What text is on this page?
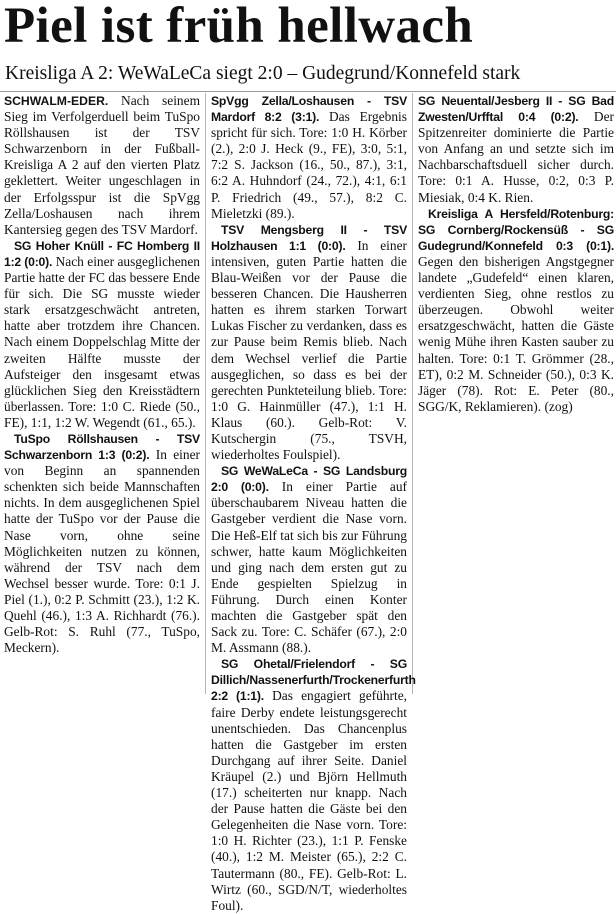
Piel ist früh hellwach
Kreisliga A 2: WeWaLeCa siegt 2:0 – Gudegrund/Konnefeld stark

SCHWALM-EDER. Nach seinem Sieg im Verfolgerduell beim TuSpo Röllshausen ist der TSV Schwarzenborn in der Fußball-Kreisliga A 2 auf den vierten Platz geklettert. Weiter ungeschlagen in der Erfolgsspur ist die SpVgg Zella/Loshausen nach ihrem Kantersieg gegen des TSV Mardorf.

SG Hoher Knüll - FC Homberg II 1:2 (0:0). Nach einer ausgeglichenen Partie hatte der FC das bessere Ende für sich. Die SG musste wieder stark ersatzgeschwächt antreten, hatte aber trotzdem ihre Chancen. Nach einem Doppelschlag Mitte der zweiten Hälfte musste der Aufsteiger den insgesamt etwas glücklichen Sieg den Kreisstädtern überlassen. Tore: 1:0 C. Riede (50., FE), 1:1, 1:2 W. Wegendt (61., 65.).

TuSpo Röllshausen - TSV Schwarzenborn 1:3 (0:2). In einer von Beginn an spannenden schenkten sich beide Mannschaften nichts. In dem ausgeglichenen Spiel hatte der TuSpo vor der Pause die Nase vorn, ohne seine Möglichkeiten nutzen zu können, während der TSV nach dem Wechsel besser wurde. Tore: 0:1 J. Piel (1.), 0:2 P. Schmitt (23.), 1:2 K. Quehl (46.), 1:3 A. Richhardt (76.). Gelb-Rot: S. Ruhl (77., TuSpo, Meckern).

SpVgg Zella/Loshausen - TSV Mardorf 8:2 (3:1). Das Ergebnis spricht für sich. Tore: 1:0 H. Körber (2.), 2:0 J. Heck (9., FE), 3:0, 5:1, 7:2 S. Jackson (16., 50., 87.), 3:1, 6:2 A. Huhndorf (24., 72.), 4:1, 6:1 P. Friedrich (49., 57.), 8:2 C. Mieletzki (89.).

TSV Mengsberg II - TSV Holzhausen 1:1 (0:0). In einer intensiven, guten Partie hatten die Blau-Weißen vor der Pause die besseren Chancen. Die Hausherren hatten es ihrem starken Torwart Lukas Fischer zu verdanken, dass es zur Pause beim Remis blieb. Nach dem Wechsel verlief die Partie ausgeglichen, so dass es bei der gerechten Punkteteilung blieb. Tore: 1:0 G. Hainmüller (47.), 1:1 H. Klaus (60.). Gelb-Rot: V. Kutschergin (75., TSVH, wiederholtes Foulspiel).

SG WeWaLeCa - SG Landsburg 2:0 (0:0). In einer Partie auf überschaubarem Niveau hatten die Gastgeber verdient die Nase vorn. Die Heß-Elf tat sich bis zur Führung schwer, hatte kaum Möglichkeiten und ging nach dem ersten gut zu Ende gespielten Spielzug in Führung. Durch einen Konter machten die Gastgeber spät den Sack zu. Tore: C. Schäfer (67.), 2:0 M. Assmann (88.).

SG Ohetal/Frielendorf - SG Dillich/Nassenerfurth/Trockenerfurth 2:2 (1:1). Das engagiert geführte, faire Derby endete leistungsgerecht unentschieden. Das Chancenplus hatten die Gastgeber im ersten Durchgang auf ihrer Seite. Daniel Kräupel (2.) und Björn Hellmuth (17.) scheiterten nur knapp. Nach der Pause hatten die Gäste bei den Gelegenheiten die Nase vorn. Tore: 1:0 H. Richter (23.), 1:1 P. Fenske (40.), 1:2 M. Meister (65.), 2:2 C. Tautermann (80., FE). Gelb-Rot: L. Wirtz (60., SGD/N/T, wiederholtes Foul).

SG Neuental/Jesberg II - SG Bad Zwesten/Urfftal 0:4 (0:2). Der Spitzenreiter dominierte die Partie von Anfang an und setzte sich im Nachbarschaftsduell sicher durch. Tore: 0:1 A. Husse, 0:2, 0:3 P. Miesiak, 0:4 K. Rien.

Kreisliga A Hersfeld/Rotenburg: SG Cornberg/Rockensüß - SG Gudegrund/Konnefeld 0:3 (0:1). Gegen den bisherigen Angstgegner landete „Gudefeld“ einen klaren, verdienten Sieg, ohne restlos zu überzeugen. Obwohl weiter ersatzgeschwächt, hatten die Gäste wenig Mühe ihren Kasten sauber zu halten. Tore: 0:1 T. Grömmer (28., ET), 0:2 M. Schneider (50.), 0:3 K. Jäger (78). Rot: E. Peter (80., SGG/K, Reklamieren). (zog)
